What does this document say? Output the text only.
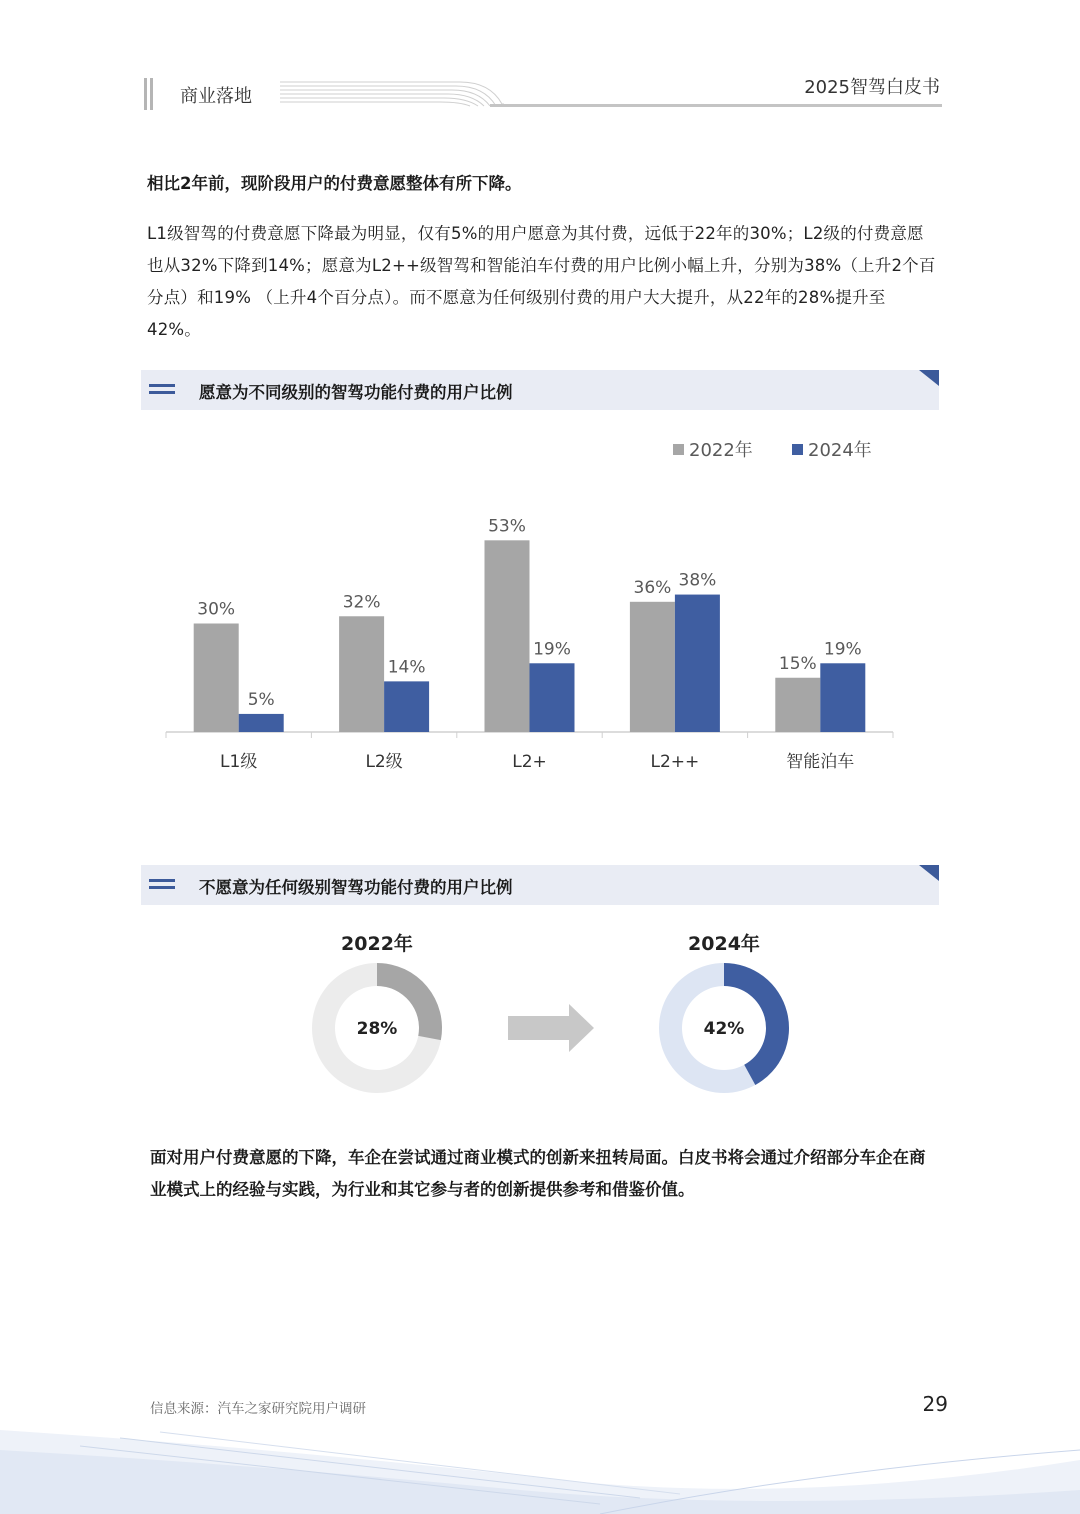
商业落地	2025智驾白皮书
相比2年前，现阶段用户的付费意愿整体有所下降。
L1级智驾的付费意愿下降最为明显，仅有5%的用户愿意为其付费，远低于22年的30%；L2级的付费意愿也从32%下降到14%；愿意为L2++级智驾和智能泊车付费的用户比例小幅上升，分别为38%（上升2个百分点）和19% （上升4个百分点）。而不愿意为任何级别付费的用户大大提升，从22年的28%提升至42%。
愿意为不同级别的智驾功能付费的用户比例
2022年	2024年
30%
5%
L1级
32%
14%
L2级
53%
19%
L2+
36% 38%
L2++
15%
19%
智能泊车
不愿意为任何级别智驾功能付费的用户比例
2022年
28%
2024年
42%
面对用户付费意愿的下降，车企在尝试通过商业模式的创新来扭转局面。白皮书将会通过介绍部分车企在商业模式上的经验与实践，为行业和其它参与者的创新提供参考和借鉴价值。
信息来源：汽车之家研究院用户调研	29
